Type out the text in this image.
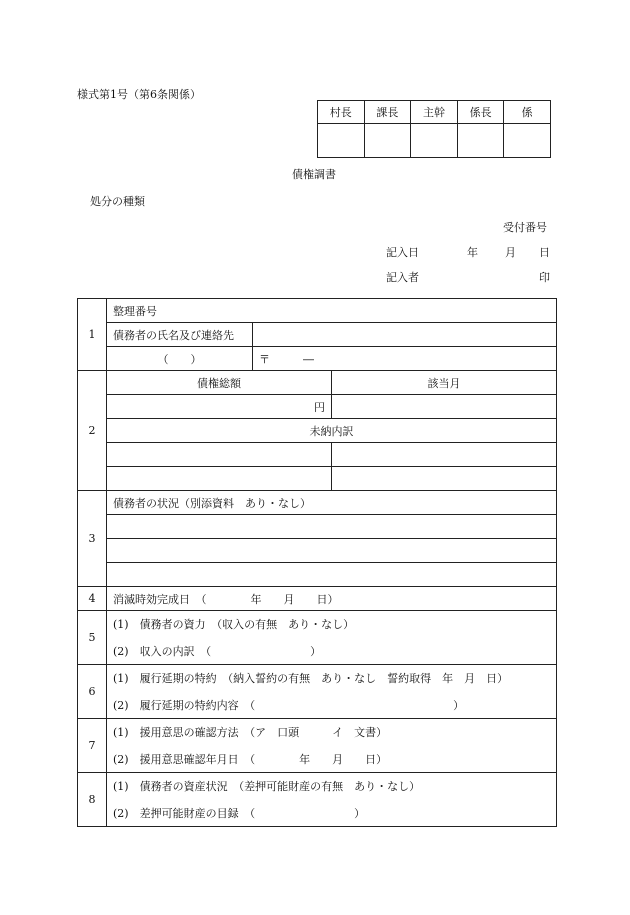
様式第1号（第6条関係）
村長	課長	主幹	係長	係

債権調書
処分の種類
受付番号
記入日	年 月 日
記入者	印
1	整理番号		
	債務者の氏名及び連絡先		
	（　　）	〒　　　―	
2	債権総額		該当月
	円		
	未納内訳		

3	債務者の状況（別添資料　あり・なし）		

4	消滅時効完成日　（　　　　年　　月　　日）		
5	(1)　債務者の資力　（収入の有無　あり・なし）		
	(2)　収入の内訳　（　　　　　　　　　）		
6	(1)　履行延期の特約　（納入誓約の有無　あり・なし　誓約取得　年　月　日）		
	(2)　履行延期の特約内容　（　　　　　　　　　　　　　　　　　　）		
7	(1)　援用意思の確認方法　（ア　口頭　　　イ　文書）		
	(2)　援用意思確認年月日　（　　　　年　　月　　日）		
8	(1)　債務者の資産状況　（差押可能財産の有無　あり・なし）		
	(2)　差押可能財産の目録　（　　　　　　　　　）		
